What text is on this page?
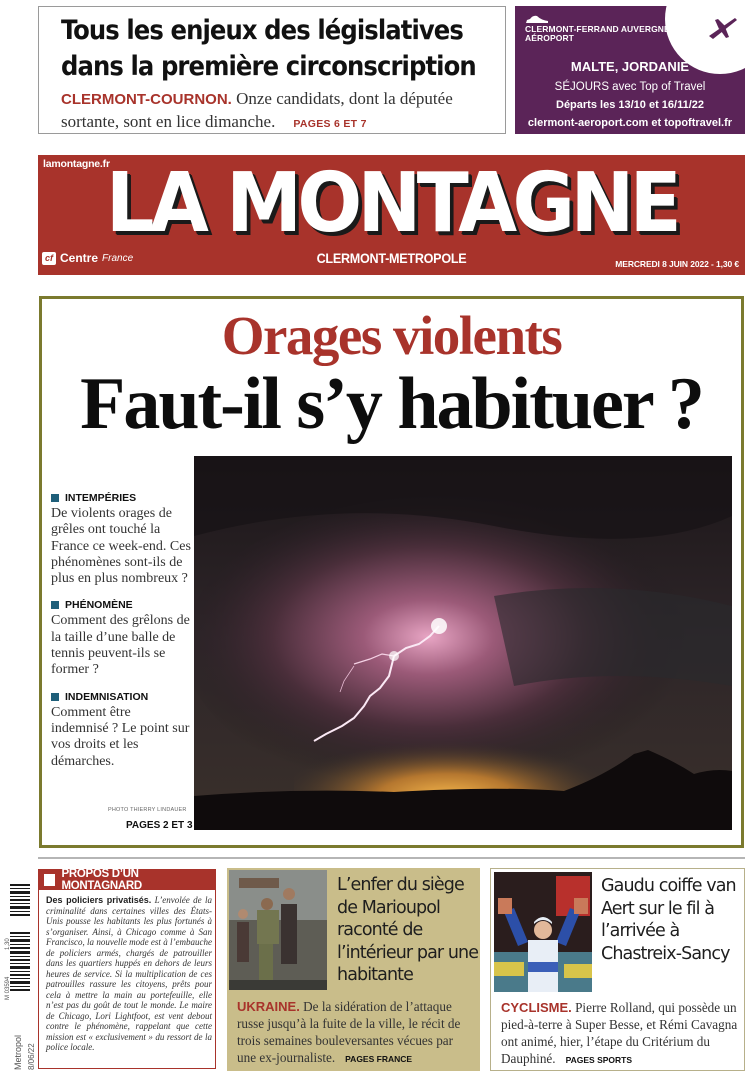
Tous les enjeux des législatives
dans la première circonscription
CLERMONT-COURNON. Onze candidats, dont la députée sortante, sont en lice dimanche. PAGES 6 ET 7
CLERMONT-FERRAND AUVERGNE
AÉROPORT
MALTE, JORDANIE
SÉJOURS avec Top of Travel
Départs les 13/10 et 16/11/22
clermont-aeroport.com et topoftravel.fr
lamontagne.fr
LA MONTAGNE
cf Centre France	CLERMONT-METROPOLE	MERCREDI 8 JUIN 2022 - 1,30 €
Orages violents
Faut-il s’y habituer ?
INTEMPÉRIES
De violents orages de grêles ont touché la France ce week-end. Ces phénomènes sont-ils de plus en plus nombreux ?
PHÉNOMÈNE
Comment des grêlons de la taille d’une balle de tennis peuvent-ils se former ?
INDEMNISATION
Comment être indemnisé ? Le point sur vos droits et les démarches.
PHOTO THIERRY LINDAUER
PAGES 2 ET 3
1,30
M 03594
Metropol 8/06/22
PROPOS D’UN MONTAGNARD
Des policiers privatisés. L’envolée de la criminalité dans certaines villes des États-Unis pousse les habitants les plus fortunés à s’organiser. Ainsi, à Chicago comme à San Francisco, la nouvelle mode est à l’embauche de policiers armés, chargés de patrouiller dans les quartiers huppés en dehors de leurs heures de service. Si la multiplication de ces patrouilles rassure les citoyens, prêts pour cela à mettre la main au portefeuille, elle n’est pas du goût de tout le monde. Le maire de Chicago, Lori Lightfoot, est vent debout contre le phénomène, rappelant que cette mission est « exclusivement » du ressort de la police locale.
L’enfer du siège de Marioupol raconté de l’intérieur par une habitante
UKRAINE. De la sidération de l’attaque russe jusqu’à la fuite de la ville, le récit de trois semaines bouleversantes vécues par une ex-journaliste. PAGES FRANCE
Gaudu coiffe van Aert sur le fil à l’arrivée à Chastreix-Sancy
CYCLISME. Pierre Rolland, qui possède un pied-à-terre à Super Besse, et Rémi Cavagna ont animé, hier, l’étape du Critérium du Dauphiné. PAGES SPORTS
